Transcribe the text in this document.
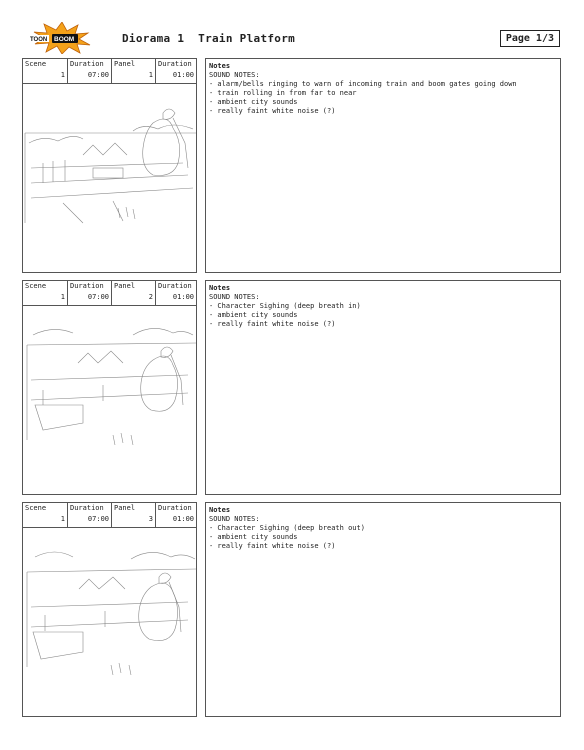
TOON BOOM	Diorama 1  Train Platform	Page 1/3
Scene
1
Duration
07:00
Panel
1
Duration
01:00
Notes
SOUND NOTES:
- alarm/bells ringing to warn of incoming train and boom gates going down
- train rolling in from far to near
- ambient city sounds
- really faint white noise (?)
Scene
1
Duration
07:00
Panel
2
Duration
01:00
Notes
SOUND NOTES:
- Character Sighing (deep breath in)
- ambient city sounds
- really faint white noise (?)
Scene
1
Duration
07:00
Panel
3
Duration
01:00
Notes
SOUND NOTES:
- Character Sighing (deep breath out)
- ambient city sounds
- really faint white noise (?)
